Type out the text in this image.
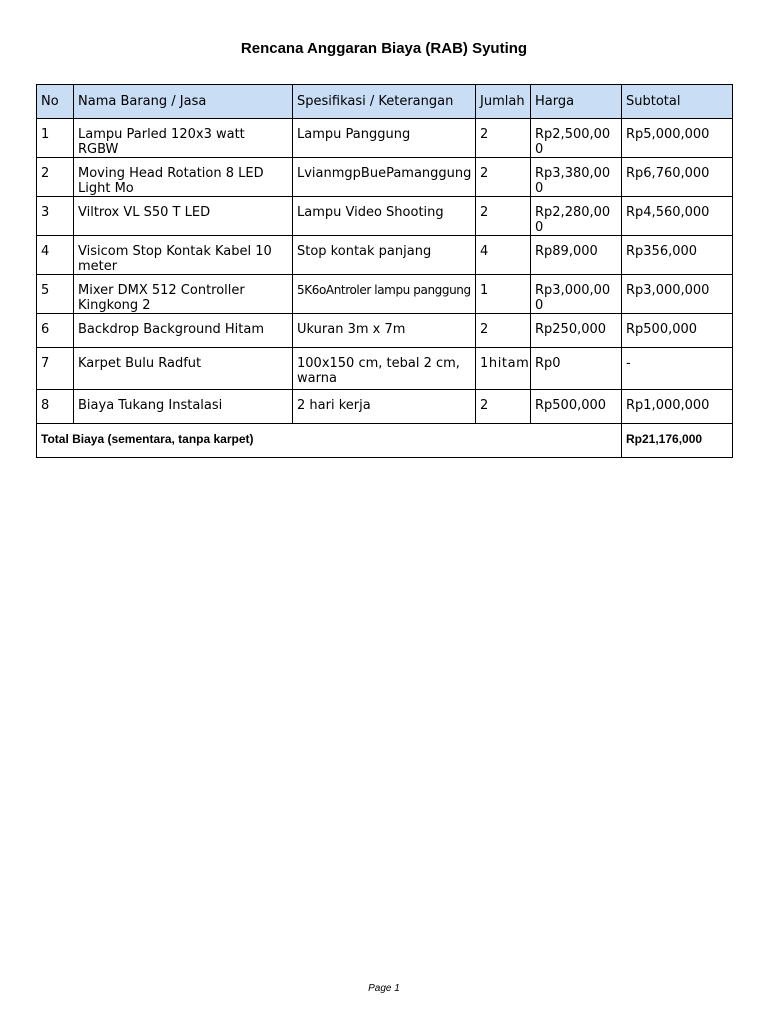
Rencana Anggaran Biaya (RAB) Syuting
No	Nama Barang / Jasa	Spesifikasi / Keterangan	Jumlah	Harga	Subtotal
1	Lampu Parled 120x3 watt RGBW	Lampu Panggung	2	Rp2,500,000	Rp5,000,000
2	Moving Head Rotation 8 LED Light Mo	LvianmgpBuePamanggung	2	Rp3,380,000	Rp6,760,000
3	Viltrox VL S50 T LED	Lampu Video Shooting	2	Rp2,280,000	Rp4,560,000
4	Visicom Stop Kontak Kabel 10 meter	Stop kontak panjang	4	Rp89,000	Rp356,000
5	Mixer DMX 512 Controller Kingkong 2	5K6oAntroler lampu panggung	1	Rp3,000,000	Rp3,000,000
6	Backdrop Background Hitam	Ukuran 3m x 7m	2	Rp250,000	Rp500,000
7	Karpet Bulu Radfut	100x150 cm, tebal 2 cm, warna	1hitam	Rp0	-
8	Biaya Tukang Instalasi	2 hari kerja	2	Rp500,000	Rp1,000,000
Total Biaya (sementara, tanpa karpet)					Rp21,176,000
Page 1
